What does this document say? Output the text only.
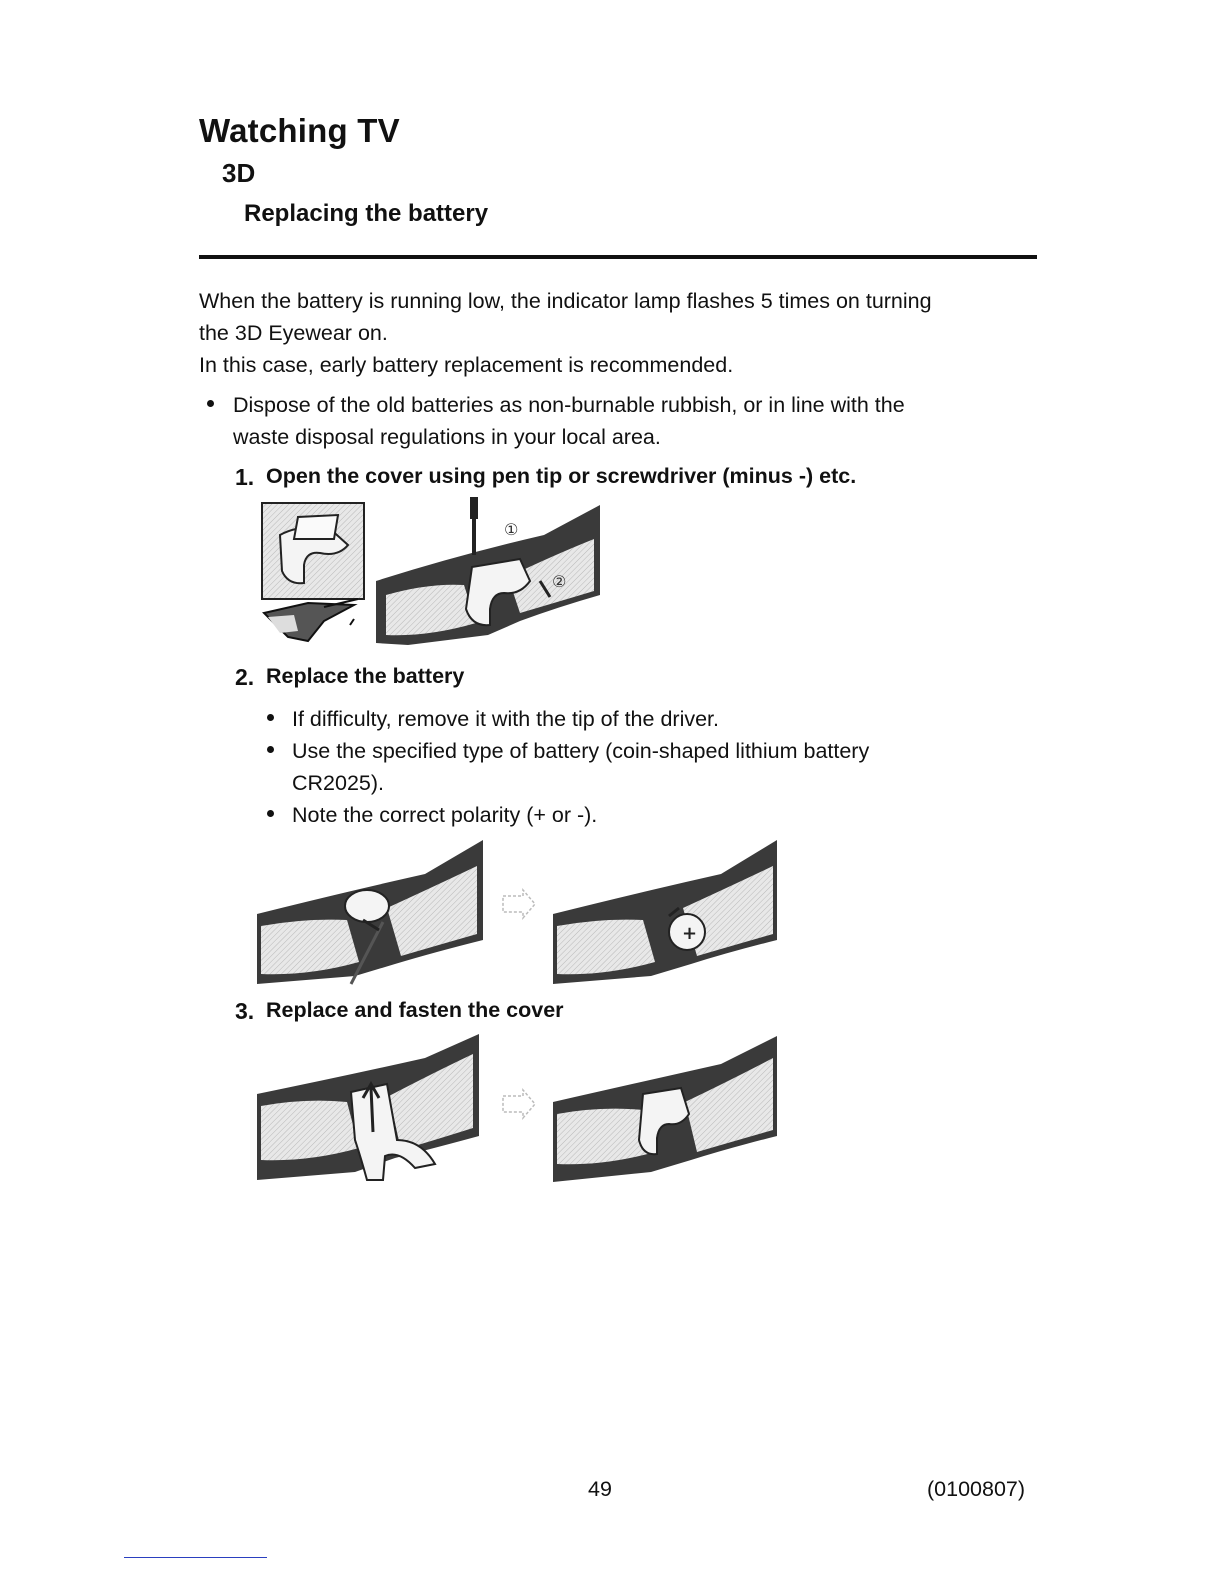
Watching TV
3D
Replacing the battery
When the battery is running low, the indicator lamp flashes 5 times on turning
the 3D Eyewear on.
In this case, early battery replacement is recommended.
Dispose of the old batteries as non-burnable rubbish, or in line with the
waste disposal regulations in your local area.
1. Open the cover using pen tip or screwdriver (minus -) etc.
①
②
2. Replace the battery
If difficulty, remove it with the tip of the driver.
Use the specified type of battery (coin-shaped lithium battery
CR2025).
Note the correct polarity (+ or -).
+
3. Replace and fasten the cover
49	(0100807)
